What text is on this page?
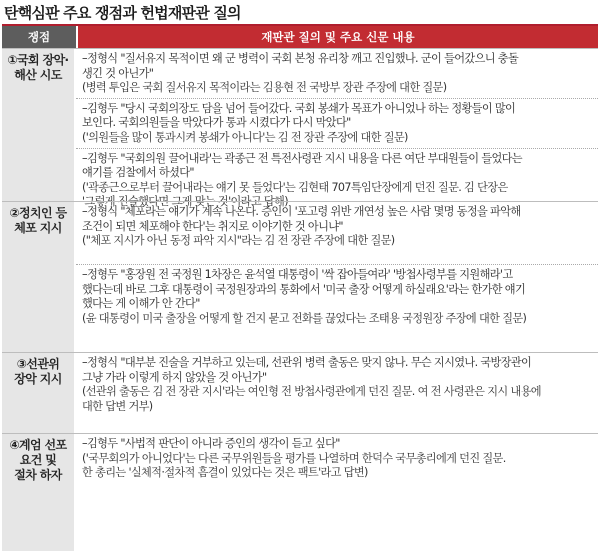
탄핵심판 주요 쟁점과 헌법재판관 질의
쟁점	재판관 질의 및 주요 신문 내용
①국회 장악·
해산 시도
–정형식 "질서유지 목적이면 왜 군 병력이 국회 본청 유리창 깨고 진입했나. 군이 들어갔으니 충돌
생긴 것 아닌가"
(병력 투입은 국회 질서유지 목적이라는 김용현 전 국방부 장관 주장에 대한 질문)
–김형두 "당시 국회의장도 담을 넘어 들어갔다. 국회 봉쇄가 목표가 아니었나 하는 정황들이 많이
보인다. 국회의원들을 막았다가 통과 시켰다가 다시 막았다"
('의원들을 많이 통과시켜 봉쇄가 아니다'는 김 전 장관 주장에 대한 질문)
–김형두 "국회의원 끌어내라'는 곽종근 전 특전사령관 지시 내용을 다른 여단 부대원들이 들었다는
얘기를 검찰에서 하셨다"
('곽종근으로부터 끌어내라는 얘기 못 들었다'는 김현태 707특임단장에게 던진 질문. 김 단장은
'그렇게 진술했다면 그게 맞는 것'이라고 답해)
②정치인 등
체포 지시
–정형식 "체포라는 얘기가 계속 나온다. 증인이 '포고령 위반 개연성 높은 사람 몇명 동정을 파악해
조건이 되면 체포해야 한다'는 취지로 이야기한 것 아니냐"
("체포 지시가 아닌 동정 파악 지시"라는 김 전 장관 주장에 대한 질문)
–정형두 "홍장원 전 국정원 1차장은 윤석열 대통령이 '싹 잡아들여라' '방첩사령부를 지원해라'고
했다는데 바로 그후 대통령이 국정원장과의 통화에서 '미국 출장 어떻게 하실래요'라는 한가한 얘기
했다는 게 이해가 안 간다"
(윤 대통령이 미국 출장을 어떻게 할 건지 묻고 전화를 끊었다는 조태용 국정원장 주장에 대한 질문)
③선관위
장악 지시
–정형식 "대부분 진술을 거부하고 있는데, 선관위 병력 출동은 맞지 않나. 무슨 지시였나. 국방장관이
그냥 가라 이렇게 하지 않았을 것 아닌가"
(선관위 출동은 김 전 장관 지시'라는 여인형 전 방첩사령관에게 던진 질문. 여 전 사령관은 지시 내용에
대한 답변 거부)
④계엄 선포
요건 및
절차 하자
–김형두 "사법적 판단이 아니라 증인의 생각이 듣고 싶다"
('국무회의가 아니었다'는 다른 국무위원들을 평가를 나열하며 한덕수 국무총리에게 던진 질문.
한 총리는 '실체적·절차적 흠결이 있었다는 것은 팩트'라고 답변)
